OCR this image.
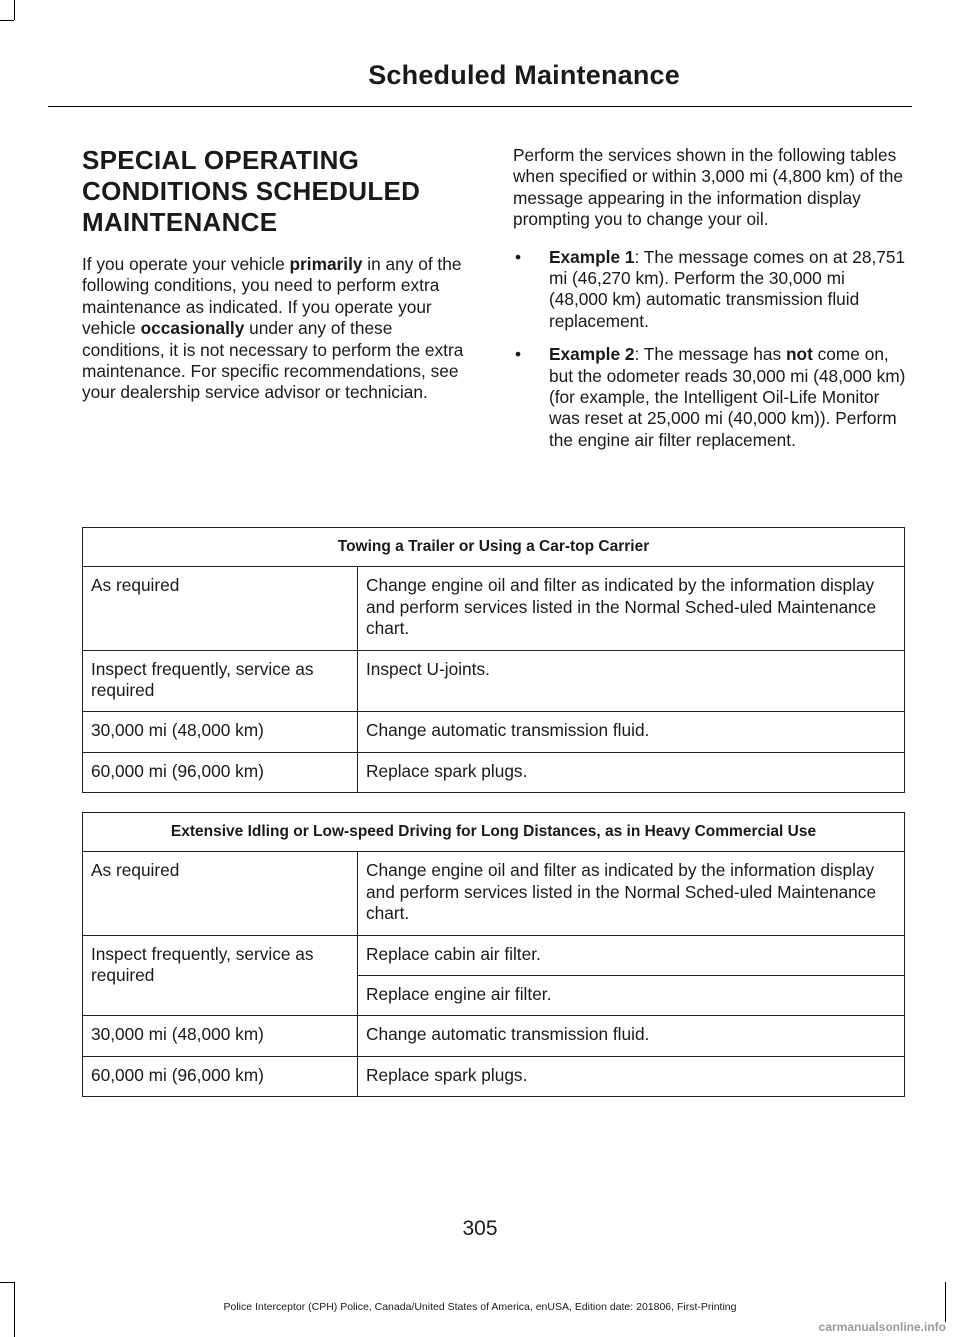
Scheduled Maintenance
SPECIAL OPERATING
CONDITIONS SCHEDULED
MAINTENANCE

If you operate your vehicle primarily in any of the following conditions, you need to perform extra maintenance as indicated. If you operate your vehicle occasionally under any of these conditions, it is not necessary to perform the extra maintenance. For specific recommendations, see your dealership service advisor or technician.

Perform the services shown in the following tables when specified or within 3,000 mi (4,800 km) of the message appearing in the information display prompting you to change your oil.

• Example 1: The message comes on at 28,751 mi (46,270 km). Perform the 30,000 mi (48,000 km) automatic transmission fluid replacement.
• Example 2: The message has not come on, but the odometer reads 30,000 mi (48,000 km) (for example, the Intelligent Oil-Life Monitor was reset at 25,000 mi (40,000 km)). Perform the engine air filter replacement.
Towing a Trailer or Using a Car-top Carrier	
As required	Change engine oil and filter as indicated by the information display and perform services listed in the Normal Sched-uled Maintenance chart.
Inspect frequently, service as required	Inspect U-joints.
30,000 mi (48,000 km)	Change automatic transmission fluid.
60,000 mi (96,000 km)	Replace spark plugs.
Extensive Idling or Low-speed Driving for Long Distances, as in Heavy Commercial Use	
As required	Change engine oil and filter as indicated by the information display and perform services listed in the Normal Sched-uled Maintenance chart.
Inspect frequently, service as required	Replace cabin air filter.
	Replace engine air filter.
30,000 mi (48,000 km)	Change automatic transmission fluid.
60,000 mi (96,000 km)	Replace spark plugs.
305
Police Interceptor (CPH) Police, Canada/United States of America, enUSA, Edition date: 201806, First-Printing
carmanualsonline.info
